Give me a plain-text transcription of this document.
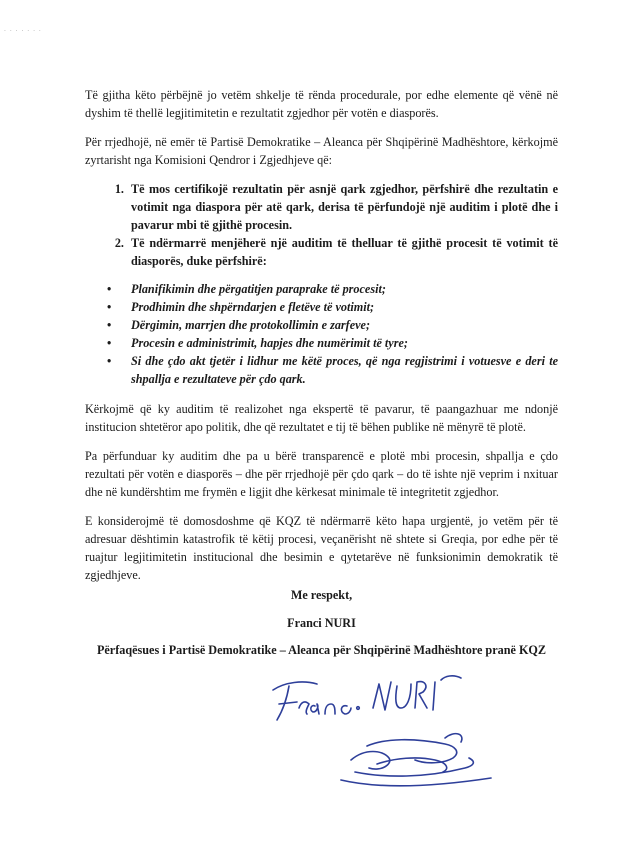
· · · · · · ·

Të gjitha këto përbëjnë jo vetëm shkelje të rënda procedurale, por edhe elemente që vënë në dyshim të thellë legjitimitetin e rezultatit zgjedhor për votën e diasporës.

Për rrjedhojë, në emër të Partisë Demokratike – Aleanca për Shqipërinë Madhështore, kërkojmë zyrtarisht nga Komisioni Qendror i Zgjedhjeve që:

1. Të mos certifikojë rezultatin për asnjë qark zgjedhor, përfshirë dhe rezultatin e votimit nga diaspora për atë qark, derisa të përfundojë një auditim i plotë dhe i pavarur mbi të gjithë procesin.
2. Të ndërmarrë menjëherë një auditim të thelluar të gjithë procesit të votimit të diasporës, duke përfshirë:
• Planifikimin dhe përgatitjen paraprake të procesit;
• Prodhimin dhe shpërndarjen e fletëve të votimit;
• Dërgimin, marrjen dhe protokollimin e zarfeve;
• Procesin e administrimit, hapjes dhe numërimit të tyre;
• Si dhe çdo akt tjetër i lidhur me këtë proces, që nga regjistrimi i votuesve e deri te shpallja e rezultateve për çdo qark.

Kërkojmë që ky auditim të realizohet nga ekspertë të pavarur, të paangazhuar me ndonjë institucion shtetëror apo politik, dhe që rezultatet e tij të bëhen publike në mënyrë të plotë.

Pa përfunduar ky auditim dhe pa u bërë transparencë e plotë mbi procesin, shpallja e çdo rezultati për votën e diasporës – dhe për rrjedhojë për çdo qark – do të ishte një veprim i nxituar dhe në kundërshtim me frymën e ligjit dhe kërkesat minimale të integritetit zgjedhor.

E konsiderojmë të domosdoshme që KQZ të ndërmarrë këto hapa urgjentë, jo vetëm për të adresuar dështimin katastrofik të këtij procesi, veçanërisht në shtete si Greqia, por edhe për të ruajtur legjitimitetin institucional dhe besimin e qytetarëve në funksionimin demokratik të zgjedhjeve.

Me respekt,
Franci NURI
Përfaqësues i Partisë Demokratike – Aleanca për Shqipërinë Madhështore pranë KQZ
